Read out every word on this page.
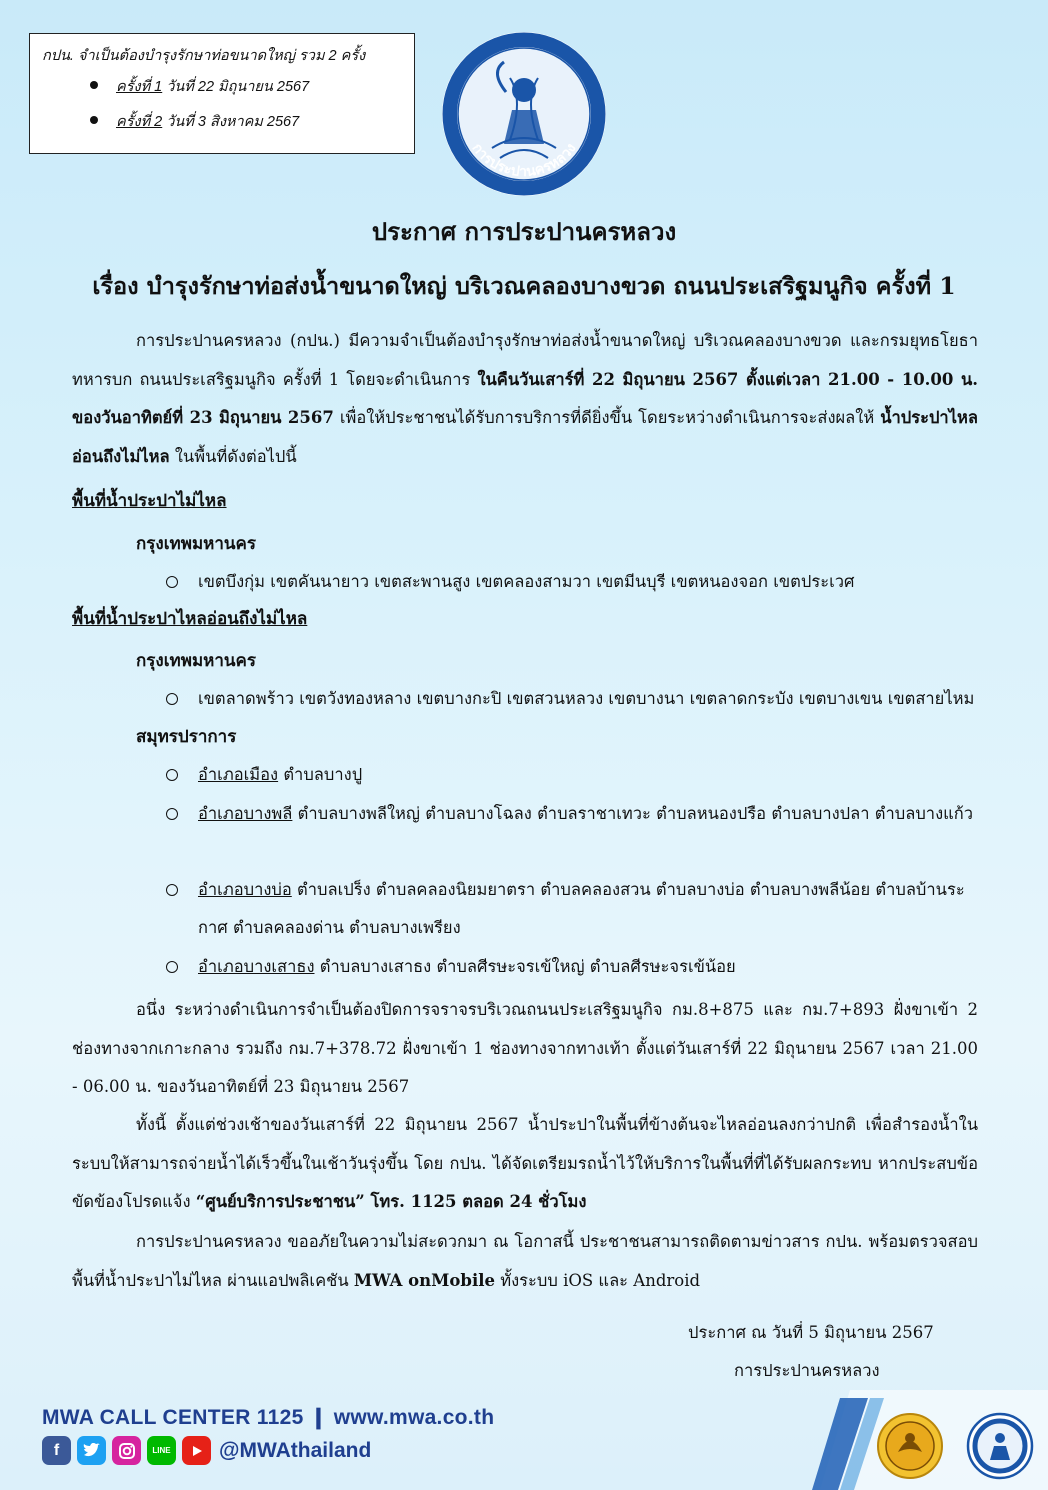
กปน. จำเป็นต้องบำรุงรักษาท่อขนาดใหญ่ รวม 2 ครั้ง
ครั้งที่ 1 วันที่ 22 มิถุนายน 2567
ครั้งที่ 2 วันที่ 3 สิงหาคม 2567
การประปานครหลวง
ประกาศ การประปานครหลวง
เรื่อง บำรุงรักษาท่อส่งน้ำขนาดใหญ่ บริเวณคลองบางขวด ถนนประเสริฐมนูกิจ ครั้งที่ 1
การประปานครหลวง (กปน.) มีความจำเป็นต้องบำรุงรักษาท่อส่งน้ำขนาดใหญ่ บริเวณคลองบางขวด และกรมยุทธโยธาทหารบก ถนนประเสริฐมนูกิจ ครั้งที่ 1 โดยจะดำเนินการ ในคืนวันเสาร์ที่ 22 มิถุนายน 2567 ตั้งแต่เวลา 21.00 - 10.00 น. ของวันอาทิตย์ที่ 23 มิถุนายน 2567 เพื่อให้ประชาชนได้รับการบริการที่ดียิ่งขึ้น โดยระหว่างดำเนินการจะส่งผลให้ น้ำประปาไหลอ่อนถึงไม่ไหล ในพื้นที่ดังต่อไปนี้
พื้นที่น้ำประปาไม่ไหล
กรุงเทพมหานคร
เขตบึงกุ่ม เขตคันนายาว เขตสะพานสูง เขตคลองสามวา เขตมีนบุรี เขตหนองจอก เขตประเวศ
พื้นที่น้ำประปาไหลอ่อนถึงไม่ไหล
กรุงเทพมหานคร
เขตลาดพร้าว เขตวังทองหลาง เขตบางกะปิ เขตสวนหลวง เขตบางนา เขตลาดกระบัง เขตบางเขน เขตสายไหม
สมุทรปราการ
อำเภอเมือง ตำบลบางปู
อำเภอบางพลี ตำบลบางพลีใหญ่ ตำบลบางโฉลง ตำบลราชาเทวะ ตำบลหนองปรือ ตำบลบางปลา ตำบลบางแก้ว
อำเภอบางบ่อ ตำบลเปร็ง ตำบลคลองนิยมยาตรา ตำบลคลองสวน ตำบลบางบ่อ ตำบลบางพลีน้อย ตำบลบ้านระกาศ ตำบลคลองด่าน ตำบลบางเพรียง
อำเภอบางเสาธง ตำบลบางเสาธง ตำบลศีรษะจรเข้ใหญ่ ตำบลศีรษะจรเข้น้อย
อนึ่ง ระหว่างดำเนินการจำเป็นต้องปิดการจราจรบริเวณถนนประเสริฐมนูกิจ กม.8+875 และ กม.7+893 ฝั่งขาเข้า 2 ช่องทางจากเกาะกลาง รวมถึง กม.7+378.72 ฝั่งขาเข้า 1 ช่องทางจากทางเท้า ตั้งแต่วันเสาร์ที่ 22 มิถุนายน 2567 เวลา 21.00 - 06.00 น. ของวันอาทิตย์ที่ 23 มิถุนายน 2567
ทั้งนี้ ตั้งแต่ช่วงเช้าของวันเสาร์ที่ 22 มิถุนายน 2567 น้ำประปาในพื้นที่ข้างต้นจะไหลอ่อนลงกว่าปกติ เพื่อสำรองน้ำในระบบให้สามารถจ่ายน้ำได้เร็วขึ้นในเช้าวันรุ่งขึ้น โดย กปน. ได้จัดเตรียมรถน้ำไว้ให้บริการในพื้นที่ที่ได้รับผลกระทบ หากประสบข้อขัดข้องโปรดแจ้ง “ศูนย์บริการประชาชน” โทร. 1125 ตลอด 24 ชั่วโมง
การประปานครหลวง ขออภัยในความไม่สะดวกมา ณ โอกาสนี้ ประชาชนสามารถติดตามข่าวสาร กปน. พร้อมตรวจสอบพื้นที่น้ำประปาไม่ไหล ผ่านแอปพลิเคชัน MWA onMobile ทั้งระบบ iOS และ Android
ประกาศ ณ วันที่ 5 มิถุนายน 2567
การประปานครหลวง
MWA CALL CENTER 1125 ❙ www.mwa.co.th
f	LINE @MWAthailand
